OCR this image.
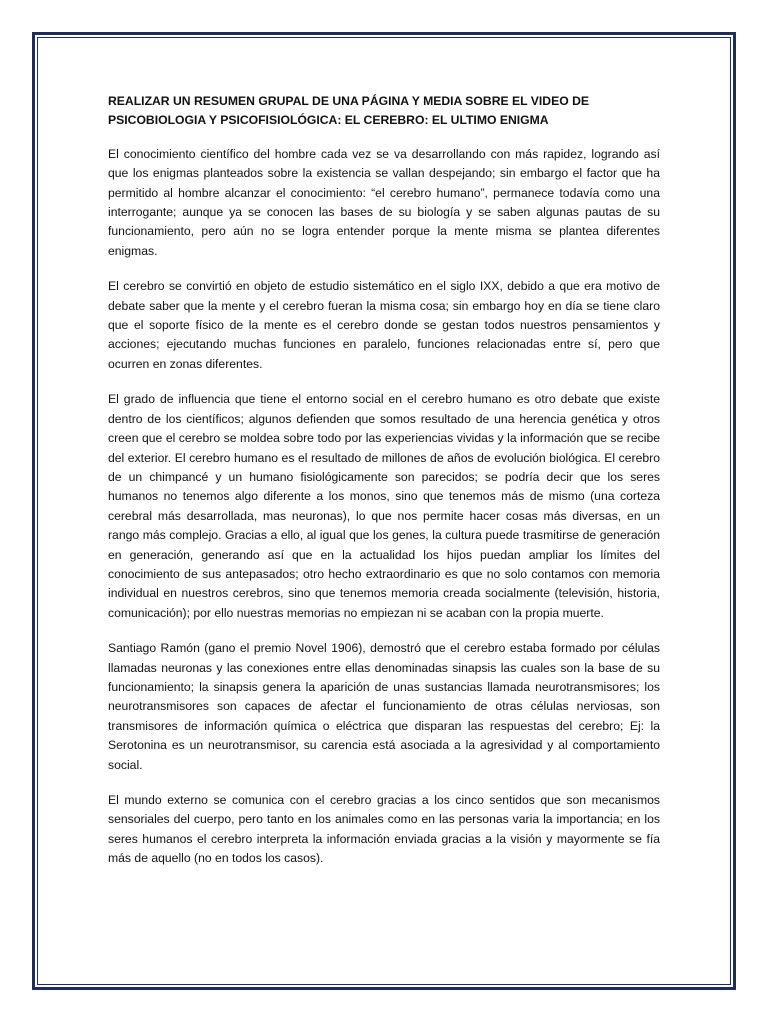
REALIZAR UN RESUMEN GRUPAL DE UNA PÁGINA Y MEDIA SOBRE EL VIDEO DE PSICOBIOLOGIA Y PSICOFISIOLÓGICA: EL CEREBRO: EL ULTIMO ENIGMA

El conocimiento científico del hombre cada vez se va desarrollando con más rapidez, logrando así que los enigmas planteados sobre la existencia se vallan despejando; sin embargo el factor que ha permitido al hombre alcanzar el conocimiento: “el cerebro humano”, permanece todavía como una interrogante; aunque ya se conocen las bases de su biología y se saben algunas pautas de su funcionamiento, pero aún no se logra entender porque la mente misma se plantea diferentes enigmas.

El cerebro se convirtió en objeto de estudio sistemático en el siglo IXX, debido a que era motivo de debate saber que la mente y el cerebro fueran la misma cosa; sin embargo hoy en día se tiene claro que el soporte físico de la mente es el cerebro donde se gestan todos nuestros pensamientos y acciones; ejecutando muchas funciones en paralelo, funciones relacionadas entre sí, pero que ocurren en zonas diferentes.

El grado de influencia que tiene el entorno social en el cerebro humano es otro debate que existe dentro de los científicos; algunos defienden que somos resultado de una herencia genética y otros creen que el cerebro se moldea sobre todo por las experiencias vividas y la información que se recibe del exterior. El cerebro humano es el resultado de millones de años de evolución biológica. El cerebro de un chimpancé y un humano fisiológicamente son parecidos; se podría decir que los seres humanos no tenemos algo diferente a los monos, sino que tenemos más de mismo (una corteza cerebral más desarrollada, mas neuronas), lo que nos permite hacer cosas más diversas, en un rango más complejo. Gracias a ello, al igual que los genes, la cultura puede trasmitirse de generación en generación, generando así que en la actualidad los hijos puedan ampliar los límites del conocimiento de sus antepasados; otro hecho extraordinario es que no solo contamos con memoria individual en nuestros cerebros, sino que tenemos memoria creada socialmente (televisión, historia, comunicación); por ello nuestras memorias no empiezan ni se acaban con la propia muerte.

Santiago Ramón (gano el premio Novel 1906), demostró que el cerebro estaba formado por células llamadas neuronas y las conexiones entre ellas denominadas sinapsis las cuales son la base de su funcionamiento; la sinapsis genera la aparición de unas sustancias llamada neurotransmisores; los neurotransmisores son capaces de afectar el funcionamiento de otras células nerviosas, son transmisores de información química o eléctrica que disparan las respuestas del cerebro; Ej: la Serotonina es un neurotransmisor, su carencia está asociada a la agresividad y al comportamiento social.

El mundo externo se comunica con el cerebro gracias a los cinco sentidos que son mecanismos sensoriales del cuerpo, pero tanto en los animales como en las personas varia la importancia; en los seres humanos el cerebro interpreta la información enviada gracias a la visión y mayormente se fía más de aquello (no en todos los casos).
